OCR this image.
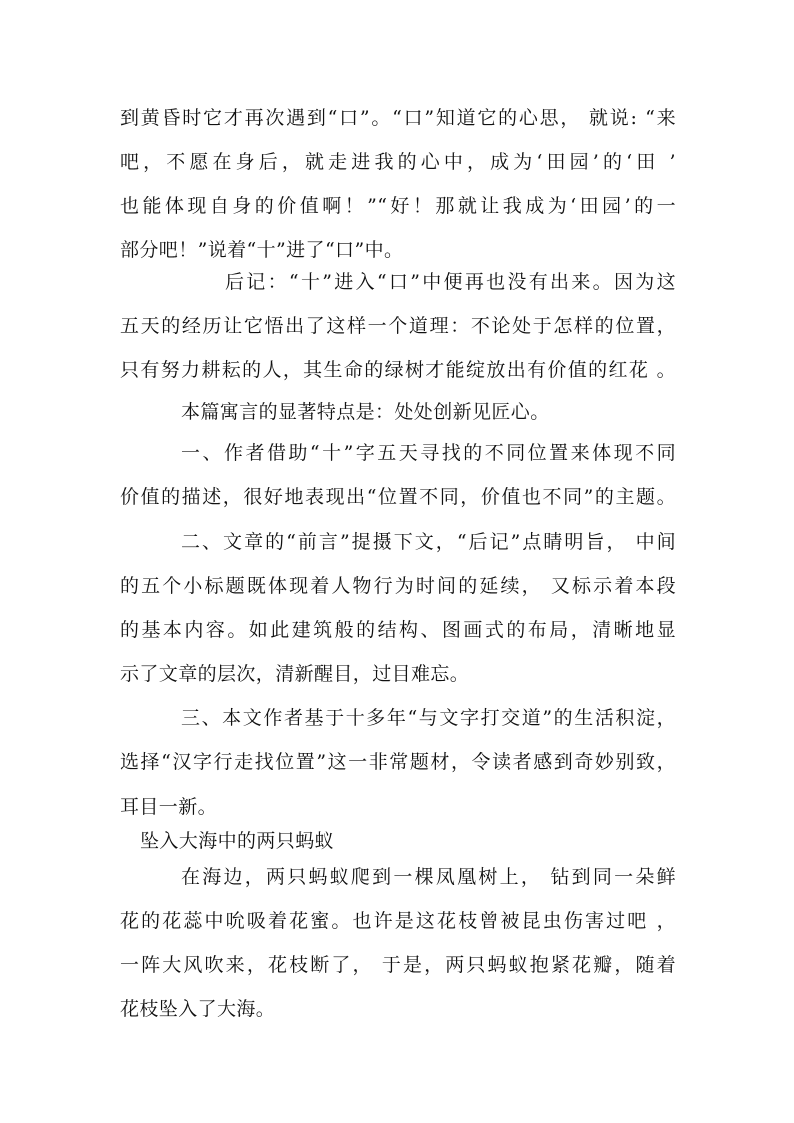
到黄昏时它才再次遇到“口”。“口”知道它的心思， 就说: “来
吧，不愿在身后，就走进我的心中，成为‘田园’的‘田 ’
也能体现自身的价值啊！”“好！那就让我成为‘田园’的一
部分吧！”说着“十”进了“口”中。
后记：“十”进入“口”中便再也没有出来。因为这
五天的经历让它悟出了这样一个道理：不论处于怎样的位置，
只有努力耕耘的人，其生命的绿树才能绽放出有价值的红花 。
本篇寓言的显著特点是：处处创新见匠心。
一、作者借助“十”字五天寻找的不同位置来体现不同
价值的描述，很好地表现出“位置不同，价值也不同”的主题。
二、文章的“前言”提摄下文，“后记”点睛明旨， 中间
的五个小标题既体现着人物行为时间的延续， 又标示着本段
的基本内容。如此建筑般的结构、图画式的布局，清晰地显
示了文章的层次，清新醒目，过目难忘。
三、本文作者基于十多年“与文字打交道”的生活积淀，
选择“汉字行走找位置”这一非常题材，令读者感到奇妙别致，
耳目一新。
坠入大海中的两只蚂蚁
在海边，两只蚂蚁爬到一棵凤凰树上， 钻到同一朵鲜
花的花蕊中吮吸着花蜜。也许是这花枝曾被昆虫伤害过吧 ，
一阵大风吹来，花枝断了， 于是，两只蚂蚁抱紧花瓣，随着
花枝坠入了大海。
